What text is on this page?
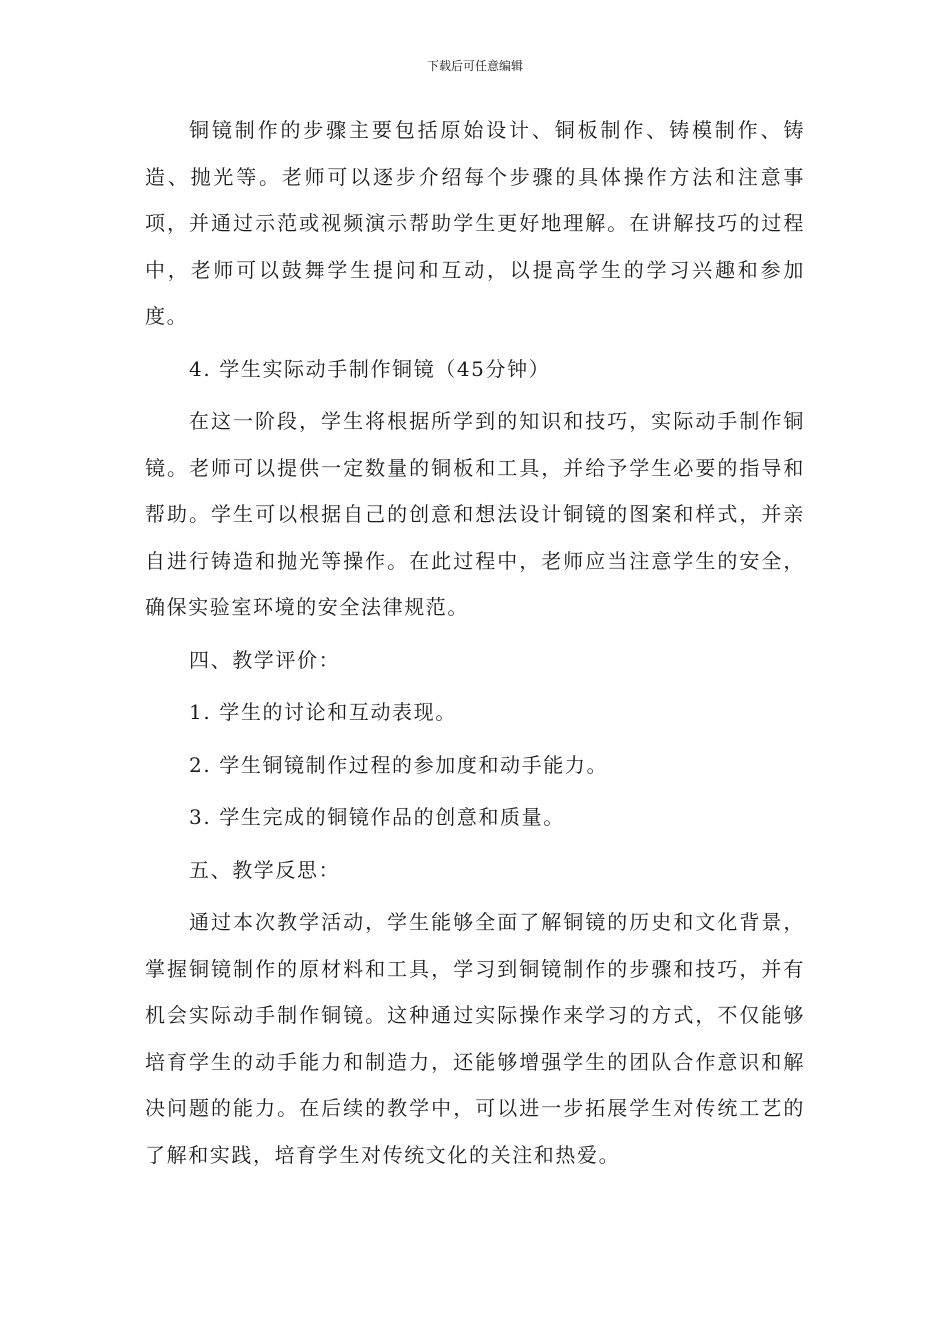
下载后可任意编辑

铜镜制作的步骤主要包括原始设计、铜板制作、铸模制作、铸造、抛光等。老师可以逐步介绍每个步骤的具体操作方法和注意事项，并通过示范或视频演示帮助学生更好地理解。在讲解技巧的过程中，老师可以鼓舞学生提问和互动，以提高学生的学习兴趣和参加度。

4. 学生实际动手制作铜镜（45分钟）

在这一阶段，学生将根据所学到的知识和技巧，实际动手制作铜镜。老师可以提供一定数量的铜板和工具，并给予学生必要的指导和帮助。学生可以根据自己的创意和想法设计铜镜的图案和样式，并亲自进行铸造和抛光等操作。在此过程中，老师应当注意学生的安全，确保实验室环境的安全法律规范。

四、教学评价：

1. 学生的讨论和互动表现。

2. 学生铜镜制作过程的参加度和动手能力。

3. 学生完成的铜镜作品的创意和质量。

五、教学反思：

通过本次教学活动，学生能够全面了解铜镜的历史和文化背景，掌握铜镜制作的原材料和工具，学习到铜镜制作的步骤和技巧，并有机会实际动手制作铜镜。这种通过实际操作来学习的方式，不仅能够培育学生的动手能力和制造力，还能够增强学生的团队合作意识和解决问题的能力。在后续的教学中，可以进一步拓展学生对传统工艺的了解和实践，培育学生对传统文化的关注和热爱。
